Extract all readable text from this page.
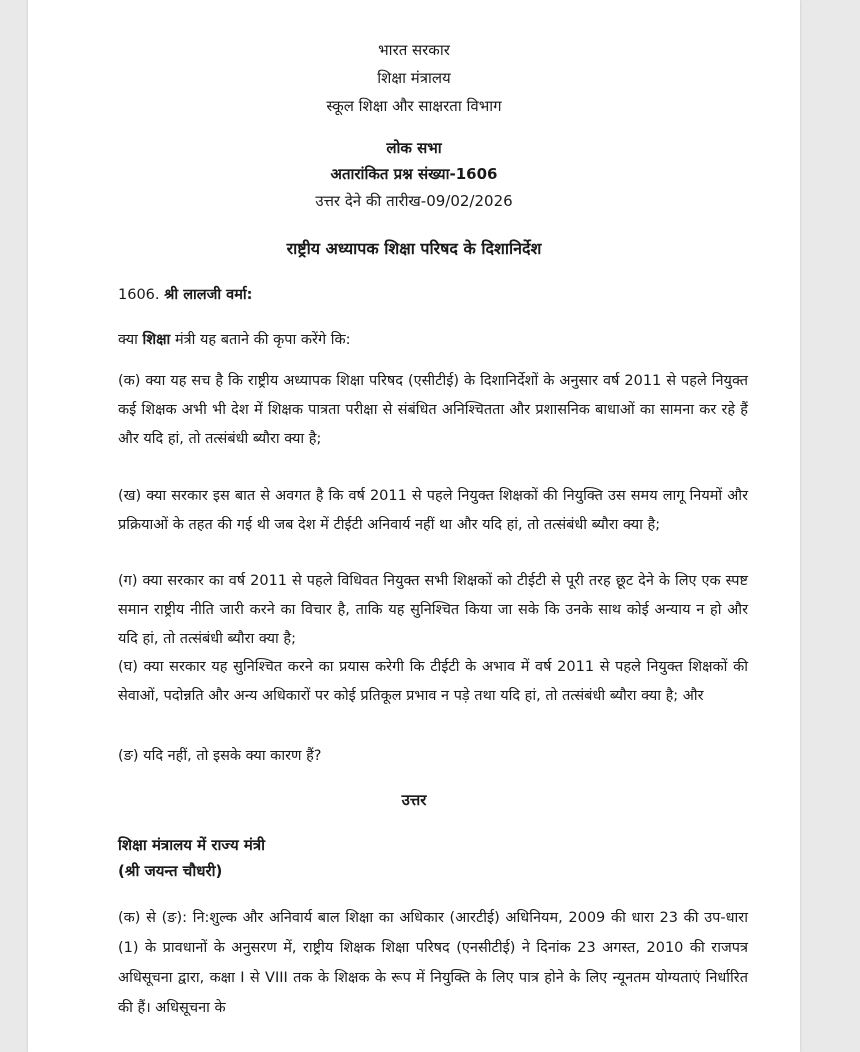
भारत सरकार
शिक्षा मंत्रालय
स्कूल शिक्षा और साक्षरता विभाग
लोक सभा
अतारांकित प्रश्न संख्या-1606
उत्तर देने की तारीख-09/02/2026
राष्ट्रीय अध्यापक शिक्षा परिषद के दिशानिर्देश
1606. श्री लालजी वर्मा:
क्या शिक्षा मंत्री यह बताने की कृपा करेंगे कि:
(क) क्या यह सच है कि राष्ट्रीय अध्यापक शिक्षा परिषद (एसीटीई) के दिशानिर्देशों के अनुसार वर्ष 2011 से पहले नियुक्त कई शिक्षक अभी भी देश में शिक्षक पात्रता परीक्षा से संबंधित अनिश्चितता और प्रशासनिक बाधाओं का सामना कर रहे हैं और यदि हां, तो तत्संबंधी ब्यौरा क्या है;
(ख) क्या सरकार इस बात से अवगत है कि वर्ष 2011 से पहले नियुक्त शिक्षकों की नियुक्ति उस समय लागू नियमों और प्रक्रियाओं के तहत की गई थी जब देश में टीईटी अनिवार्य नहीं था और यदि हां, तो तत्संबंधी ब्यौरा क्या है;
(ग) क्या सरकार का वर्ष 2011 से पहले विधिवत नियुक्त सभी शिक्षकों को टीईटी से पूरी तरह छूट देने के लिए एक स्पष्ट समान राष्ट्रीय नीति जारी करने का विचार है, ताकि यह सुनिश्चित किया जा सके कि उनके साथ कोई अन्याय न हो और यदि हां, तो तत्संबंधी ब्यौरा क्या है;
(घ) क्या सरकार यह सुनिश्चित करने का प्रयास करेगी कि टीईटी के अभाव में वर्ष 2011 से पहले नियुक्त शिक्षकों की सेवाओं, पदोन्नति और अन्य अधिकारों पर कोई प्रतिकूल प्रभाव न पड़े तथा यदि हां, तो तत्संबंधी ब्यौरा क्या है; और
(ङ) यदि नहीं, तो इसके क्या कारण हैं?
उत्तर
शिक्षा मंत्रालय में राज्य मंत्री
(श्री जयन्त चौधरी)
(क) से (ङ): नि:शुल्क और अनिवार्य बाल शिक्षा का अधिकार (आरटीई) अधिनियम, 2009 की धारा 23 की उप-धारा (1) के प्रावधानों के अनुसरण में, राष्ट्रीय शिक्षक शिक्षा परिषद (एनसीटीई) ने दिनांक 23 अगस्त, 2010 की राजपत्र अधिसूचना द्वारा, कक्षा I से VIII तक के शिक्षक के रूप में नियुक्ति के लिए पात्र होने के लिए न्यूनतम योग्यताएं निर्धारित की हैं। अधिसूचना के
